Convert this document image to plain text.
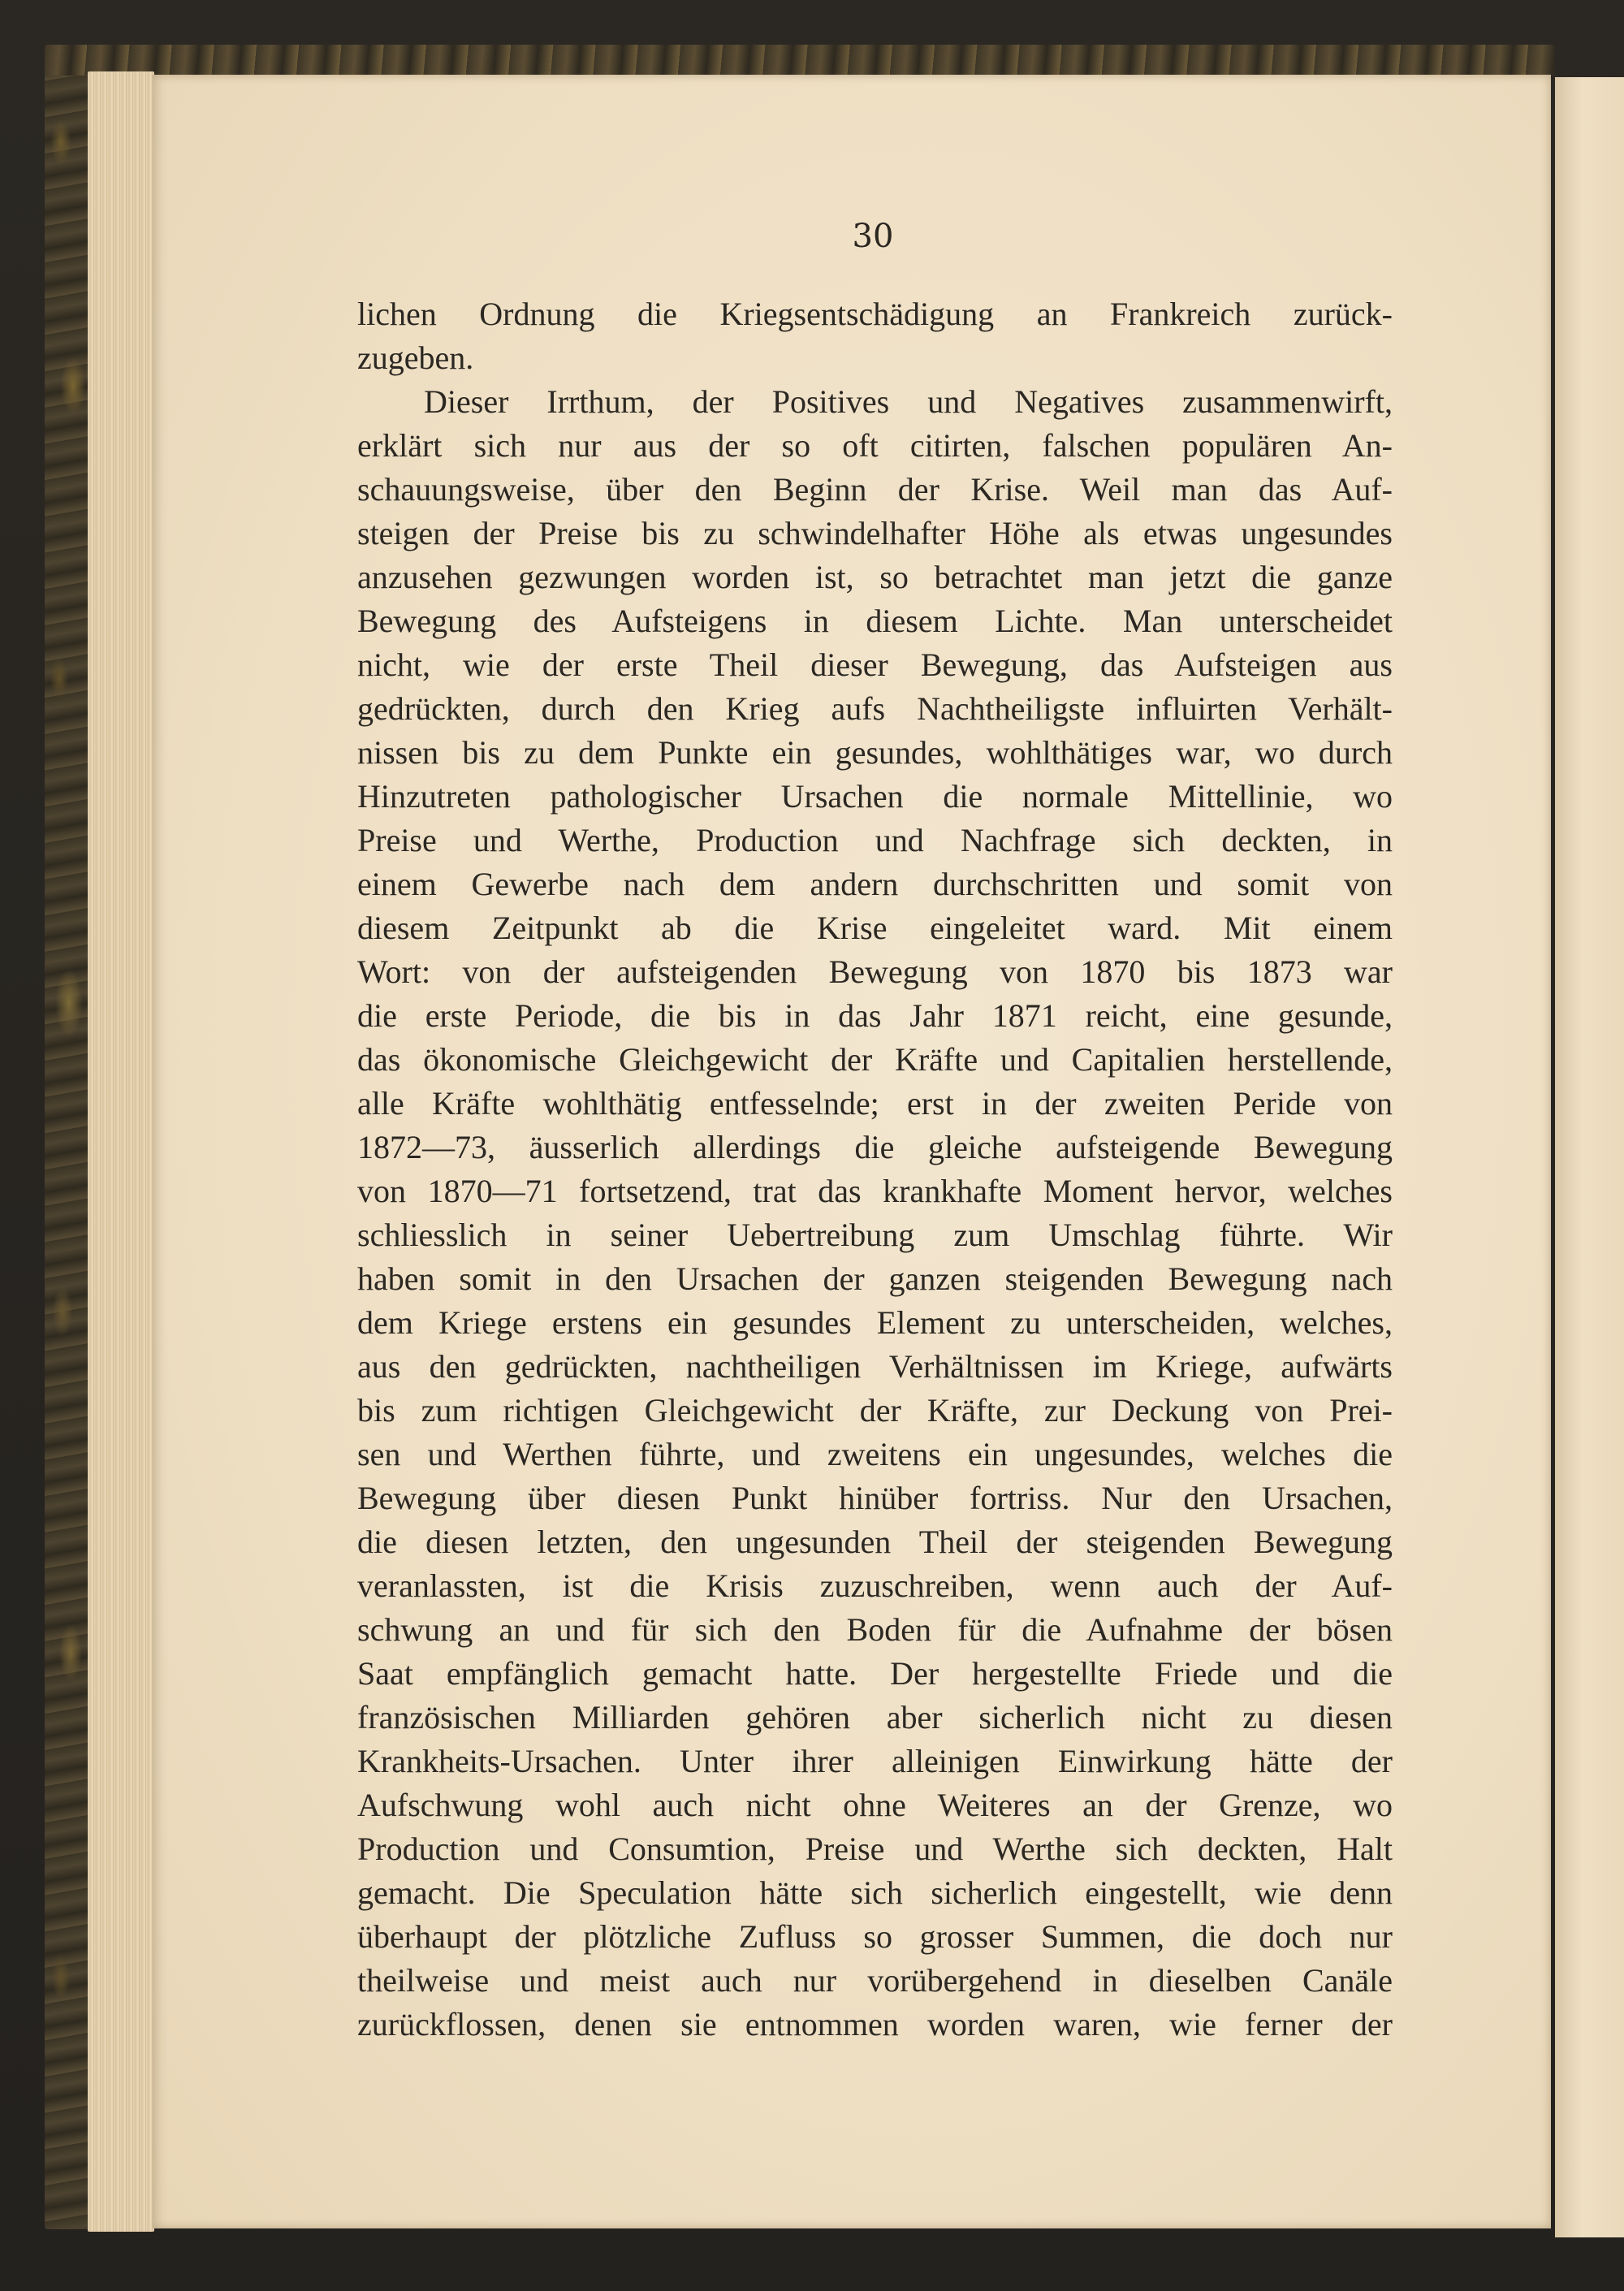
30
lichen Ordnung die Kriegsentschädigung an Frankreich zurück-
zugeben.
Dieser Irrthum, der Positives und Negatives zusammenwirft,
erklärt sich nur aus der so oft citirten, falschen populären An-
schauungsweise, über den Beginn der Krise. Weil man das Auf-
steigen der Preise bis zu schwindelhafter Höhe als etwas ungesundes
anzusehen gezwungen worden ist, so betrachtet man jetzt die ganze
Bewegung des Aufsteigens in diesem Lichte. Man unterscheidet
nicht, wie der erste Theil dieser Bewegung, das Aufsteigen aus
gedrückten, durch den Krieg aufs Nachtheiligste influirten Verhält-
nissen bis zu dem Punkte ein gesundes, wohlthätiges war, wo durch
Hinzutreten pathologischer Ursachen die normale Mittellinie, wo
Preise und Werthe, Production und Nachfrage sich deckten, in
einem Gewerbe nach dem andern durchschritten und somit von
diesem Zeitpunkt ab die Krise eingeleitet ward. Mit einem
Wort: von der aufsteigenden Bewegung von 1870 bis 1873 war
die erste Periode, die bis in das Jahr 1871 reicht, eine gesunde,
das ökonomische Gleichgewicht der Kräfte und Capitalien herstellende,
alle Kräfte wohlthätig entfesselnde; erst in der zweiten Peride von
1872—73, äusserlich allerdings die gleiche aufsteigende Bewegung
von 1870—71 fortsetzend, trat das krankhafte Moment hervor, welches
schliesslich in seiner Uebertreibung zum Umschlag führte. Wir
haben somit in den Ursachen der ganzen steigenden Bewegung nach
dem Kriege erstens ein gesundes Element zu unterscheiden, welches,
aus den gedrückten, nachtheiligen Verhältnissen im Kriege, aufwärts
bis zum richtigen Gleichgewicht der Kräfte, zur Deckung von Prei-
sen und Werthen führte, und zweitens ein ungesundes, welches die
Bewegung über diesen Punkt hinüber fortriss. Nur den Ursachen,
die diesen letzten, den ungesunden Theil der steigenden Bewegung
veranlassten, ist die Krisis zuzuschreiben, wenn auch der Auf-
schwung an und für sich den Boden für die Aufnahme der bösen
Saat empfänglich gemacht hatte. Der hergestellte Friede und die
französischen Milliarden gehören aber sicherlich nicht zu diesen
Krankheits-Ursachen. Unter ihrer alleinigen Einwirkung hätte der
Aufschwung wohl auch nicht ohne Weiteres an der Grenze, wo
Production und Consumtion, Preise und Werthe sich deckten, Halt
gemacht. Die Speculation hätte sich sicherlich eingestellt, wie denn
überhaupt der plötzliche Zufluss so grosser Summen, die doch nur
theilweise und meist auch nur vorübergehend in dieselben Canäle
zurückflossen, denen sie entnommen worden waren, wie ferner der
